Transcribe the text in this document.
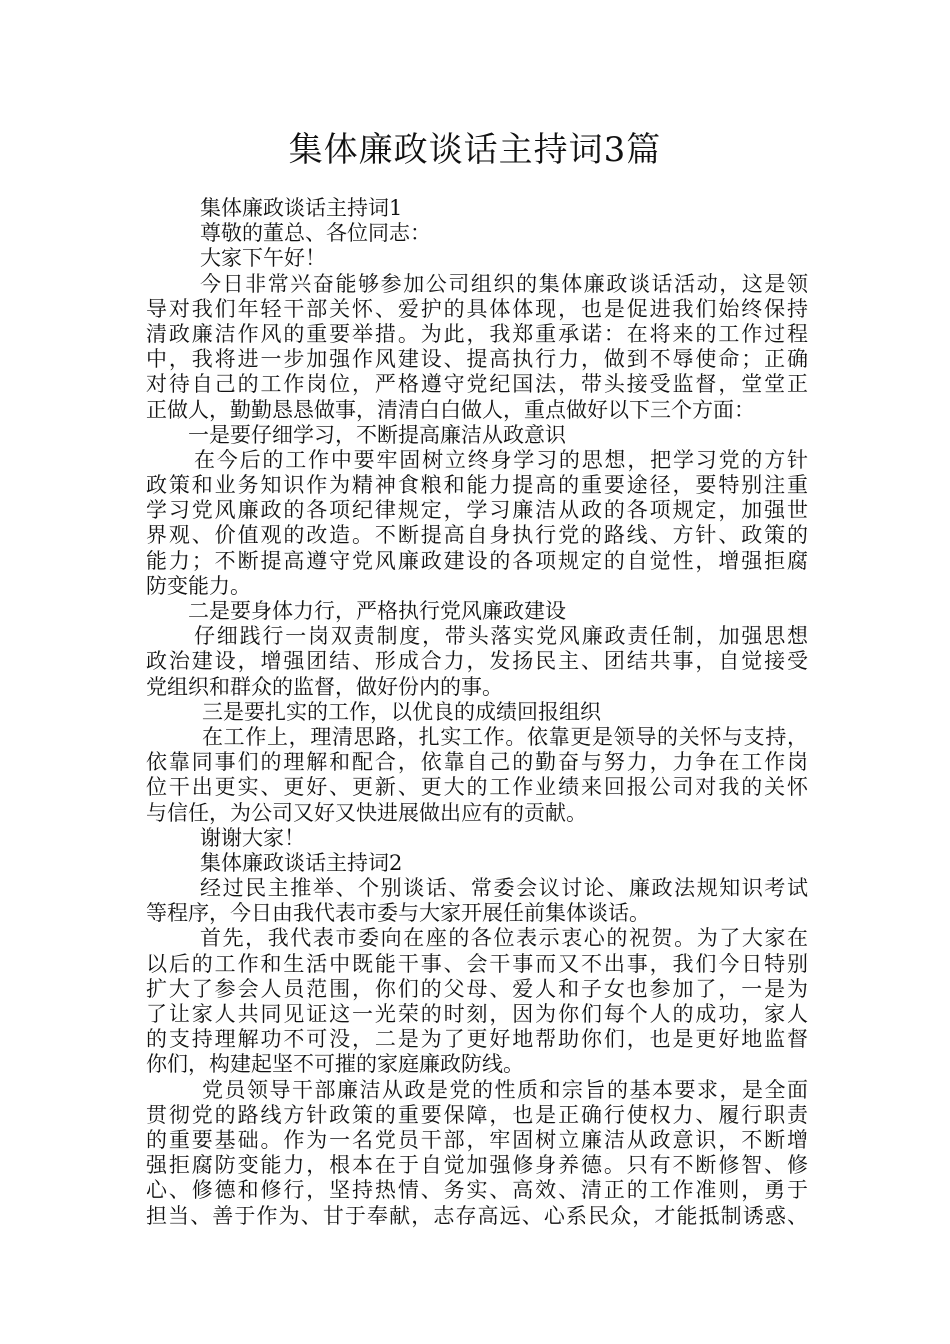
集体廉政谈话主持词3篇
集体廉政谈话主持词1
尊敬的董总、各位同志：
大家下午好！
今日非常兴奋能够参加公司组织的集体廉政谈话活动，这是领
导对我们年轻干部关怀、爱护的具体体现，也是促进我们始终保持
清政廉洁作风的重要举措。为此，我郑重承诺：在将来的工作过程
中，我将进一步加强作风建设、提高执行力，做到不辱使命；正确
对待自己的工作岗位，严格遵守党纪国法，带头接受监督，堂堂正
正做人，勤勤恳恳做事，清清白白做人，重点做好以下三个方面：
一是要仔细学习，不断提高廉洁从政意识
在今后的工作中要牢固树立终身学习的思想，把学习党的方针
政策和业务知识作为精神食粮和能力提高的重要途径，要特别注重
学习党风廉政的各项纪律规定，学习廉洁从政的各项规定，加强世
界观、价值观的改造。不断提高自身执行党的路线、方针、政策的
能力；不断提高遵守党风廉政建设的各项规定的自觉性，增强拒腐
防变能力。
二是要身体力行，严格执行党风廉政建设
仔细践行一岗双责制度，带头落实党风廉政责任制，加强思想
政治建设，增强团结、形成合力，发扬民主、团结共事，自觉接受
党组织和群众的监督，做好份内的事。
三是要扎实的工作，以优良的成绩回报组织
在工作上，理清思路，扎实工作。依靠更是领导的关怀与支持，
依靠同事们的理解和配合，依靠自己的勤奋与努力，力争在工作岗
位干出更实、更好、更新、更大的工作业绩来回报公司对我的关怀
与信任，为公司又好又快进展做出应有的贡献。
谢谢大家！
集体廉政谈话主持词2
经过民主推举、个别谈话、常委会议讨论、廉政法规知识考试
等程序，今日由我代表市委与大家开展任前集体谈话。
首先，我代表市委向在座的各位表示衷心的祝贺。为了大家在
以后的工作和生活中既能干事、会干事而又不出事，我们今日特别
扩大了参会人员范围，你们的父母、爱人和子女也参加了，一是为
了让家人共同见证这一光荣的时刻，因为你们每个人的成功，家人
的支持理解功不可没，二是为了更好地帮助你们，也是更好地监督
你们，构建起坚不可摧的家庭廉政防线。
党员领导干部廉洁从政是党的性质和宗旨的基本要求，是全面
贯彻党的路线方针政策的重要保障，也是正确行使权力、履行职责
的重要基础。作为一名党员干部，牢固树立廉洁从政意识，不断增
强拒腐防变能力，根本在于自觉加强修身养德。只有不断修智、修
心、修德和修行，坚持热情、务实、高效、清正的工作准则，勇于
担当、善于作为、甘于奉献，志存高远、心系民众，才能抵制诱惑、
